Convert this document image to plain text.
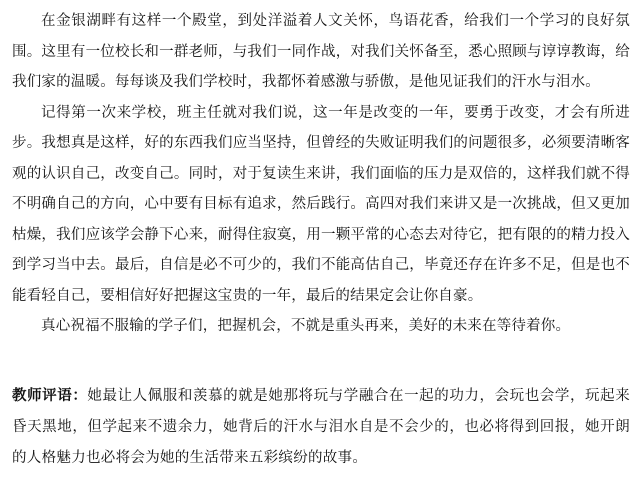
在金银湖畔有这样一个殿堂，到处洋溢着人文关怀，鸟语花香，给我们一个学习的良好氛围。这里有一位校长和一群老师，与我们一同作战，对我们关怀备至，悉心照顾与谆谆教诲，给我们家的温暖。每每谈及我们学校时，我都怀着感激与骄傲，是他见证我们的汗水与泪水。

记得第一次来学校，班主任就对我们说，这一年是改变的一年，要勇于改变，才会有所进步。我想真是这样，好的东西我们应当坚持，但曾经的失败证明我们的问题很多，必须要清晰客观的认识自己，改变自己。同时，对于复读生来讲，我们面临的压力是双倍的，这样我们就不得不明确自己的方向，心中要有目标有追求，然后践行。高四对我们来讲又是一次挑战，但又更加枯燥，我们应该学会静下心来，耐得住寂寞，用一颗平常的心态去对待它，把有限的的精力投入到学习当中去。最后，自信是必不可少的，我们不能高估自己，毕竟还存在许多不足，但是也不能看轻自己，要相信好好把握这宝贵的一年，最后的结果定会让你自豪。

真心祝福不服输的学子们，把握机会，不就是重头再来，美好的未来在等待着你。

教师评语：她最让人佩服和羡慕的就是她那将玩与学融合在一起的功力，会玩也会学，玩起来昏天黑地，但学起来不遗余力，她背后的汗水与泪水自是不会少的，也必将得到回报，她开朗的人格魅力也必将会为她的生活带来五彩缤纷的故事。
